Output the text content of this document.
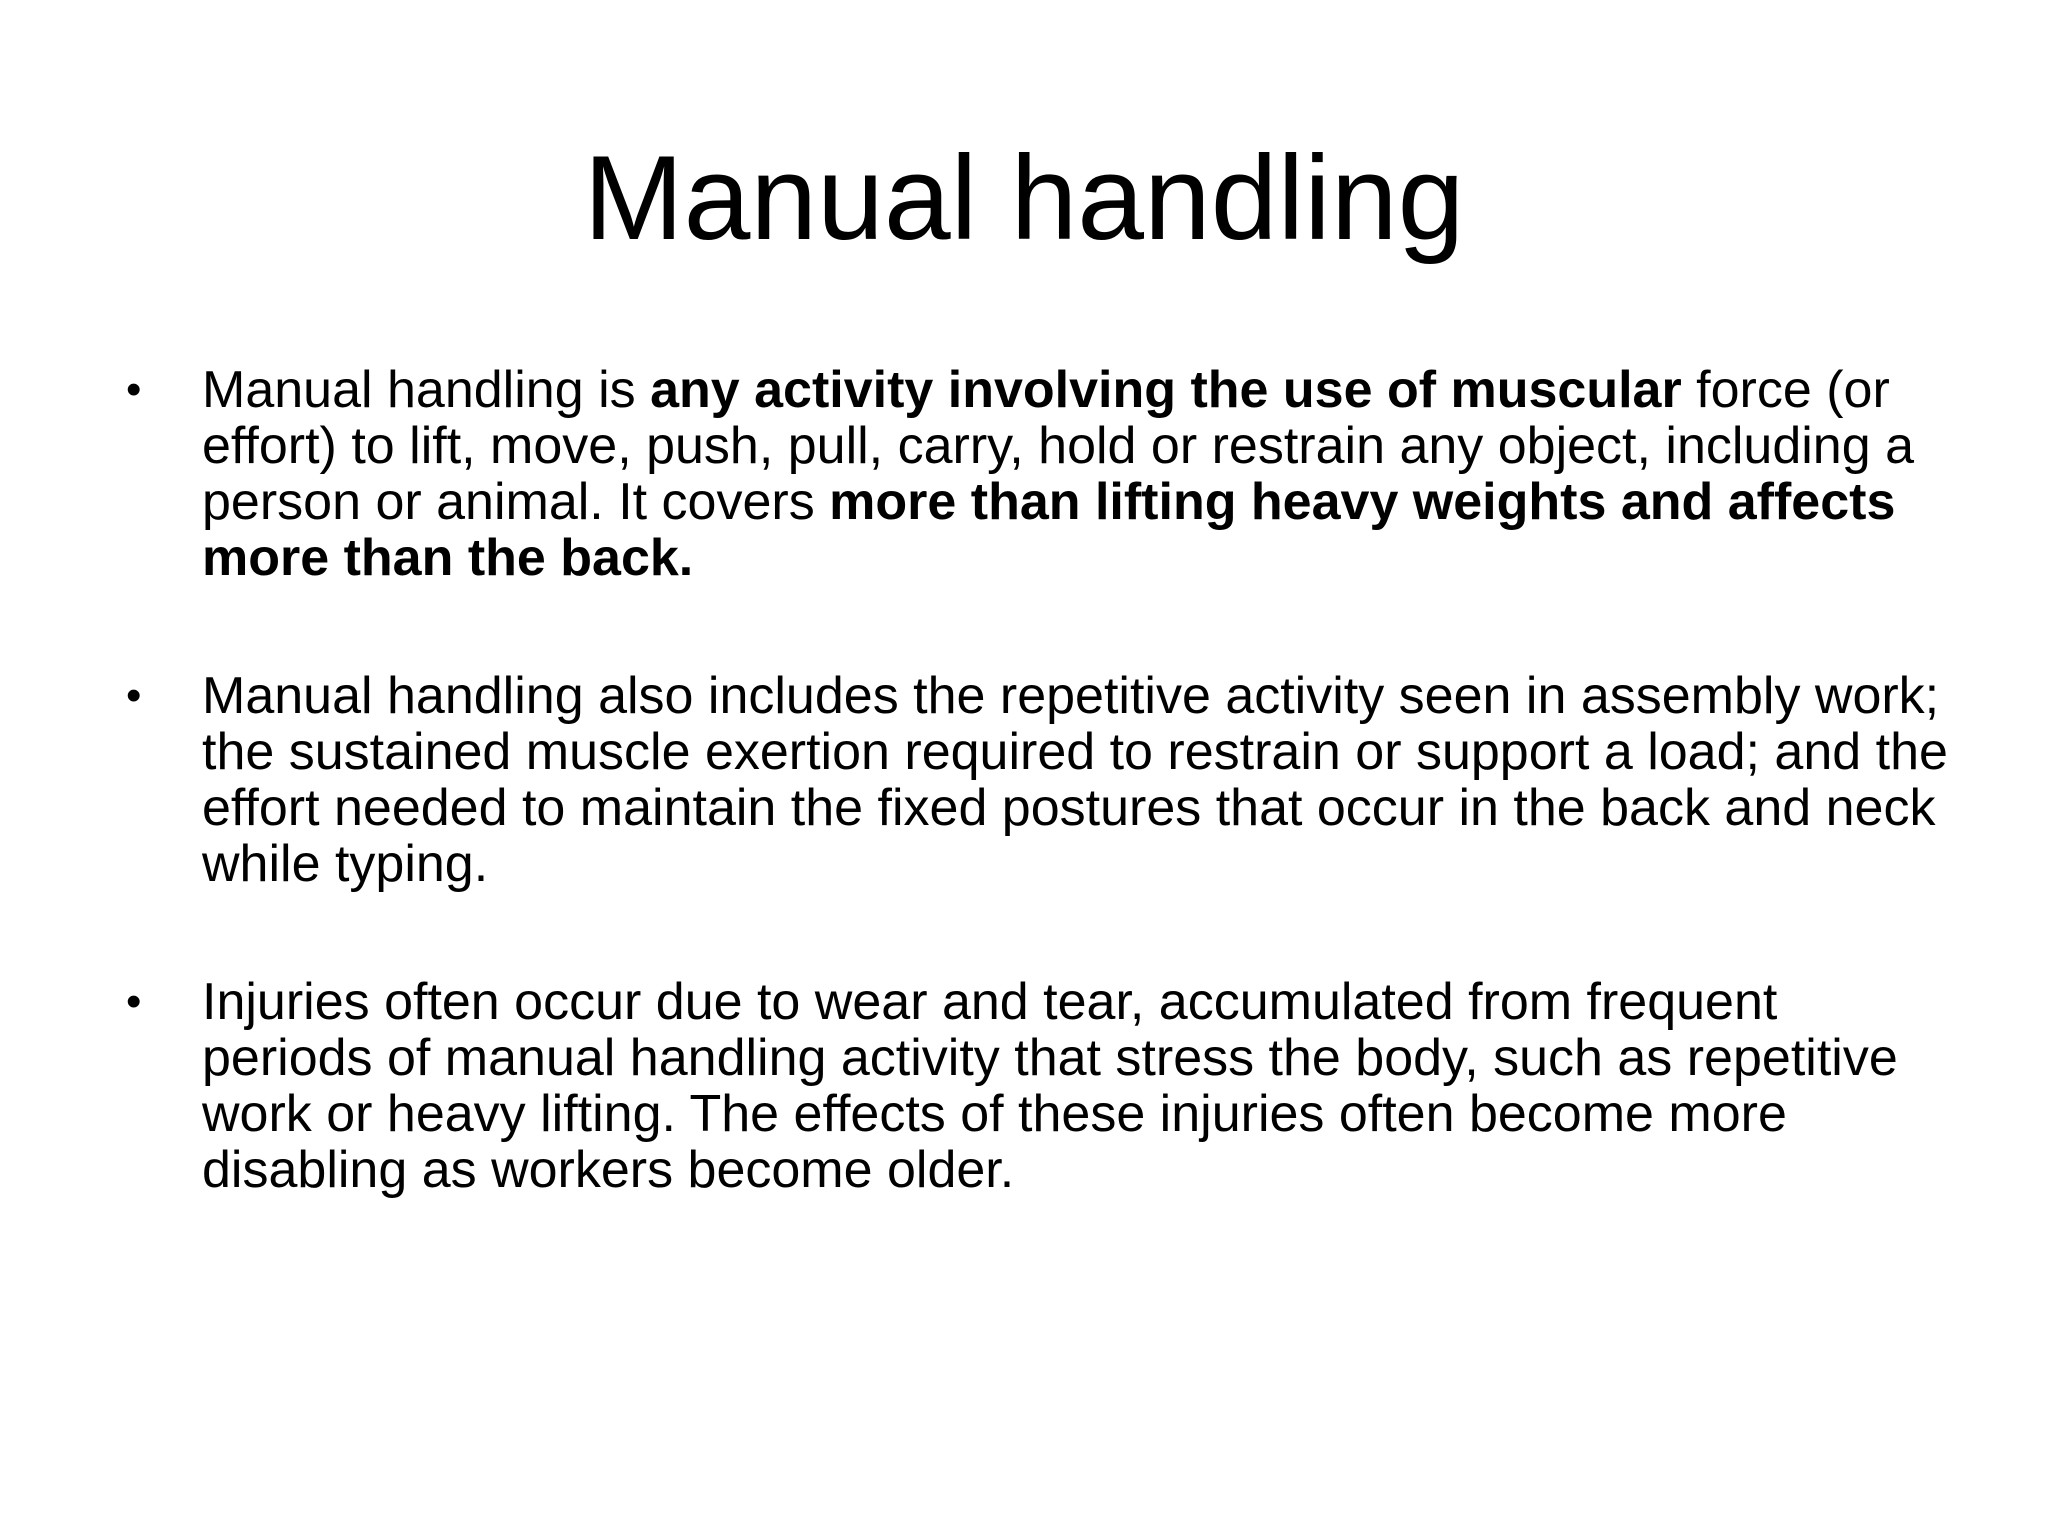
Manual handling
• Manual handling is any activity involving the use of muscular force (or effort) to lift, move, push, pull, carry, hold or restrain any object, including a person or animal. It covers more than lifting heavy weights and affects more than the back.
• Manual handling also includes the repetitive activity seen in assembly work; the sustained muscle exertion required to restrain or support a load; and the effort needed to maintain the fixed postures that occur in the back and neck while typing.
• Injuries often occur due to wear and tear, accumulated from frequent periods of manual handling activity that stress the body, such as repetitive work or heavy lifting. The effects of these injuries often become more disabling as workers become older.
